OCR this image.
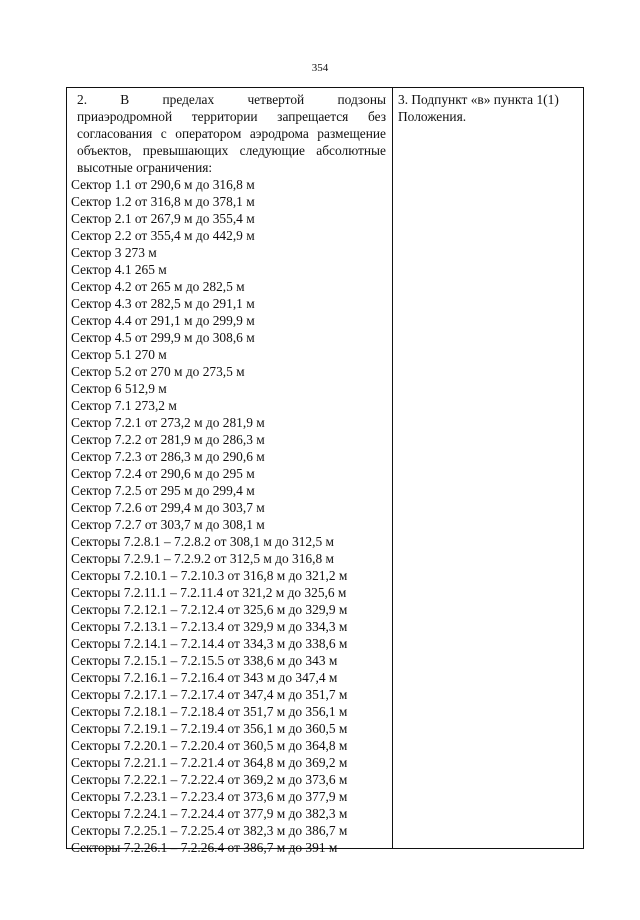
354
2. В пределах четвертой подзоны
приаэродромной территории запрещается без
согласования с оператором аэродрома размещение
объектов, превышающих следующие абсолютные
высотные ограничения:
Сектор 1.1 от 290,6 м до 316,8 м
Сектор 1.2 от 316,8 м до 378,1 м
Сектор 2.1 от 267,9 м до 355,4 м
Сектор 2.2 от 355,4 м до 442,9 м
Сектор 3 273 м
Сектор 4.1 265 м
Сектор 4.2 от 265 м до 282,5 м
Сектор 4.3 от 282,5 м до 291,1 м
Сектор 4.4 от 291,1 м до 299,9 м
Сектор 4.5 от 299,9 м до 308,6 м
Сектор 5.1 270 м
Сектор 5.2 от 270 м до 273,5 м
Сектор 6 512,9 м
Сектор 7.1 273,2 м
Сектор 7.2.1 от 273,2 м до 281,9 м
Сектор 7.2.2 от 281,9 м до 286,3 м
Сектор 7.2.3 от 286,3 м до 290,6 м
Сектор 7.2.4 от 290,6 м до 295 м
Сектор 7.2.5 от 295 м до 299,4 м
Сектор 7.2.6 от 299,4 м до 303,7 м
Сектор 7.2.7 от 303,7 м до 308,1 м
Секторы 7.2.8.1 – 7.2.8.2 от 308,1 м до 312,5 м
Секторы 7.2.9.1 – 7.2.9.2 от 312,5 м до 316,8 м
Секторы 7.2.10.1 – 7.2.10.3 от 316,8 м до 321,2 м
Секторы 7.2.11.1 – 7.2.11.4 от 321,2 м до 325,6 м
Секторы 7.2.12.1 – 7.2.12.4 от 325,6 м до 329,9 м
Секторы 7.2.13.1 – 7.2.13.4 от 329,9 м до 334,3 м
Секторы 7.2.14.1 – 7.2.14.4 от 334,3 м до 338,6 м
Секторы 7.2.15.1 – 7.2.15.5 от 338,6 м до 343 м
Секторы 7.2.16.1 – 7.2.16.4 от 343 м до 347,4 м
Секторы 7.2.17.1 – 7.2.17.4 от 347,4 м до 351,7 м
Секторы 7.2.18.1 – 7.2.18.4 от 351,7 м до 356,1 м
Секторы 7.2.19.1 – 7.2.19.4 от 356,1 м до 360,5 м
Секторы 7.2.20.1 – 7.2.20.4 от 360,5 м до 364,8 м
Секторы 7.2.21.1 – 7.2.21.4 от 364,8 м до 369,2 м
Секторы 7.2.22.1 – 7.2.22.4 от 369,2 м до 373,6 м
Секторы 7.2.23.1 – 7.2.23.4 от 373,6 м до 377,9 м
Секторы 7.2.24.1 – 7.2.24.4 от 377,9 м до 382,3 м
Секторы 7.2.25.1 – 7.2.25.4 от 382,3 м до 386,7 м
Секторы 7.2.26.1 – 7.2.26.4 от 386,7 м до 391 м
3. Подпункт «в» пункта 1(1)
Положения.
